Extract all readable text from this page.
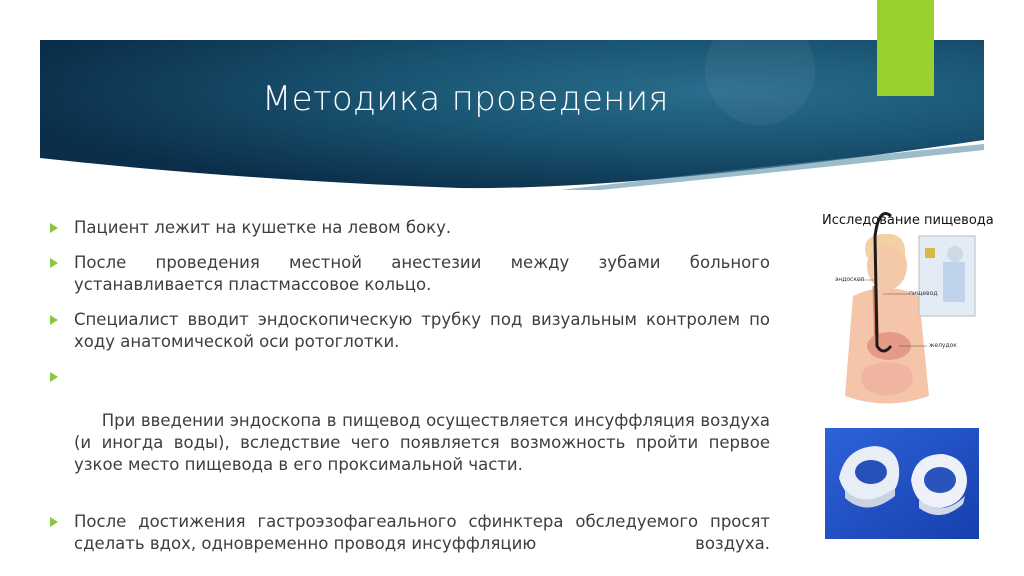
Методика проведения

Пациент лежит на кушетке на левом боку.

После проведения местной анестезии между зубами больного устанавливается пластмассовое кольцо.

Специалист вводит эндоскопическую трубку под визуальным контролем по ходу анатомической оси ротоглотки.

При введении эндоскопа в пищевод осуществляется инсуффляция воздуха (и иногда воды), вследствие чего появляется возможность пройти первое узкое место пищевода в его проксимальной части.

После достижения гастроэзофагеального сфинктера обследуемого просят сделать вдох, одновременно проводя инсуффляцию	воздуха.

эндоскоп
пищевод
желудок
Исследование пищевода
